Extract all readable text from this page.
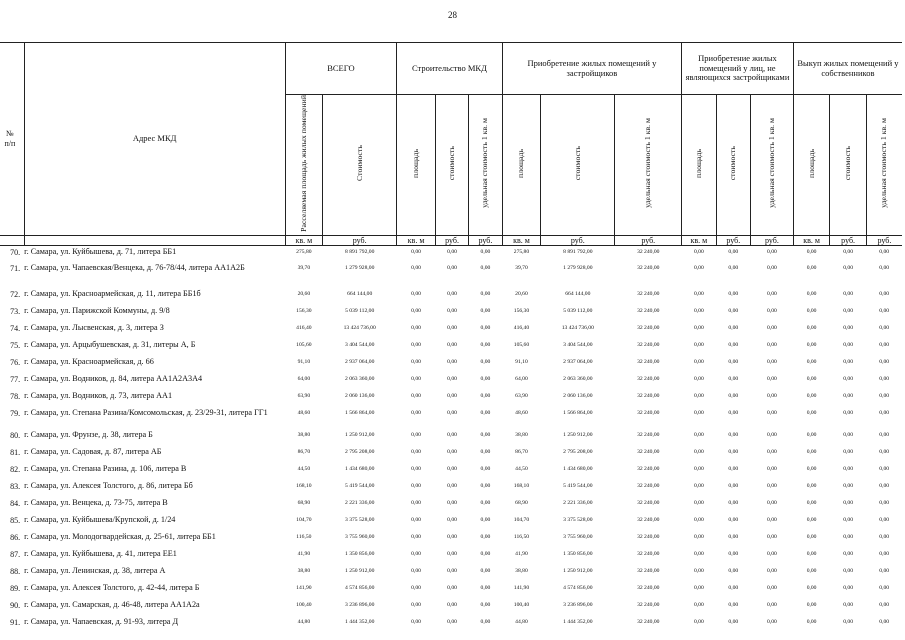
28
№
п/п	Адрес МКД	ВСЕГО		Строительство МКД			Приобретение жилых помещений у застройщиков			Приобретение жилых помещений у лиц, не являющихся застройщиками			Выкуп жилых помещений у собственников		
		Расселяемая площадь жилых помещений	Стоимость	площадь	стоимость	удельная стоимость 1 кв. м	площадь	стоимость	удельная стоимость 1 кв. м	площадь	стоимость	удельная стоимость 1 кв. м	площадь	стоимость	удельная стоимость 1 кв. м
		кв. м	руб.	кв. м	руб.	руб.	кв. м	руб.	руб.	кв. м	руб.	руб.	кв. м	руб.	руб.
70.	г. Самара, ул. Куйбышева, д. 71, литера ББ1	275,80	8 891 792,00	0,00	0,00	0,00	275,80	8 891 792,00	32 240,00	0,00	0,00	0,00	0,00	0,00	0,00
71.	г. Самара, ул. Чапаевская/Венцека, д. 76-78/44, литера АА1А2Б	39,70	1 279 928,00	0,00	0,00	0,00	39,70	1 279 928,00	32 240,00	0,00	0,00	0,00	0,00	0,00	0,00
72.	г. Самара, ул. Красноармейская, д. 11, литера ББ1б	20,60	664 144,00	0,00	0,00	0,00	20,60	664 144,00	32 240,00	0,00	0,00	0,00	0,00	0,00	0,00
73.	г. Самара, ул. Парижской Коммуны, д. 9/8	156,30	5 039 112,00	0,00	0,00	0,00	156,30	5 039 112,00	32 240,00	0,00	0,00	0,00	0,00	0,00	0,00
74.	г. Самара, ул. Лысвенская, д. 3, литера З	416,40	13 424 736,00	0,00	0,00	0,00	416,40	13 424 736,00	32 240,00	0,00	0,00	0,00	0,00	0,00	0,00
75.	г. Самара, ул. Арцыбушевская, д. 31, литеры А, Б	105,60	3 404 544,00	0,00	0,00	0,00	105,60	3 404 544,00	32 240,00	0,00	0,00	0,00	0,00	0,00	0,00
76.	г. Самара, ул. Красноармейская, д. 66	91,10	2 937 064,00	0,00	0,00	0,00	91,10	2 937 064,00	32 240,00	0,00	0,00	0,00	0,00	0,00	0,00
77.	г. Самара, ул. Водников, д. 84, литера АА1А2А3А4	64,00	2 063 360,00	0,00	0,00	0,00	64,00	2 063 360,00	32 240,00	0,00	0,00	0,00	0,00	0,00	0,00
78.	г. Самара, ул. Водников, д. 73, литера АА1	63,90	2 060 136,00	0,00	0,00	0,00	63,90	2 060 136,00	32 240,00	0,00	0,00	0,00	0,00	0,00	0,00
79.	г. Самара, ул. Степана Разина/Комсомольская, д. 23/29-31, литера ГГ1	48,60	1 566 864,00	0,00	0,00	0,00	48,60	1 566 864,00	32 240,00	0,00	0,00	0,00	0,00	0,00	0,00
80.	г. Самара, ул. Фрунзе, д. 38, литера Б	38,80	1 250 912,00	0,00	0,00	0,00	38,80	1 250 912,00	32 240,00	0,00	0,00	0,00	0,00	0,00	0,00
81.	г. Самара, ул. Садовая, д. 87, литера АБ	86,70	2 795 208,00	0,00	0,00	0,00	86,70	2 795 208,00	32 240,00	0,00	0,00	0,00	0,00	0,00	0,00
82.	г. Самара, ул. Степана Разина, д. 106, литера В	44,50	1 434 680,00	0,00	0,00	0,00	44,50	1 434 680,00	32 240,00	0,00	0,00	0,00	0,00	0,00	0,00
83.	г. Самара, ул. Алексея Толстого, д. 86, литера Бб	168,10	5 419 544,00	0,00	0,00	0,00	168,10	5 419 544,00	32 240,00	0,00	0,00	0,00	0,00	0,00	0,00
84.	г. Самара, ул. Венцека, д. 73-75, литера В	68,90	2 221 336,00	0,00	0,00	0,00	68,90	2 221 336,00	32 240,00	0,00	0,00	0,00	0,00	0,00	0,00
85.	г. Самара, ул. Куйбышева/Крупской, д. 1/24	104,70	3 375 528,00	0,00	0,00	0,00	104,70	3 375 528,00	32 240,00	0,00	0,00	0,00	0,00	0,00	0,00
86.	г. Самара, ул. Молодогвардейская, д. 25-61, литера ББ1	116,50	3 755 960,00	0,00	0,00	0,00	116,50	3 755 960,00	32 240,00	0,00	0,00	0,00	0,00	0,00	0,00
87.	г. Самара, ул. Куйбышева, д. 41, литера ЕЕ1	41,90	1 350 856,00	0,00	0,00	0,00	41,90	1 350 856,00	32 240,00	0,00	0,00	0,00	0,00	0,00	0,00
88.	г. Самара, ул. Ленинская, д. 38, литера А	38,80	1 250 912,00	0,00	0,00	0,00	38,80	1 250 912,00	32 240,00	0,00	0,00	0,00	0,00	0,00	0,00
89.	г. Самара, ул. Алексея Толстого, д. 42-44, литера Б	141,90	4 574 856,00	0,00	0,00	0,00	141,90	4 574 856,00	32 240,00	0,00	0,00	0,00	0,00	0,00	0,00
90.	г. Самара, ул. Самарская, д. 46-48, литера АА1А2а	100,40	3 236 896,00	0,00	0,00	0,00	100,40	3 236 896,00	32 240,00	0,00	0,00	0,00	0,00	0,00	0,00
91.	г. Самара, ул. Чапаевская, д. 91-93, литера Д	44,80	1 444 352,00	0,00	0,00	0,00	44,80	1 444 352,00	32 240,00	0,00	0,00	0,00	0,00	0,00	0,00
